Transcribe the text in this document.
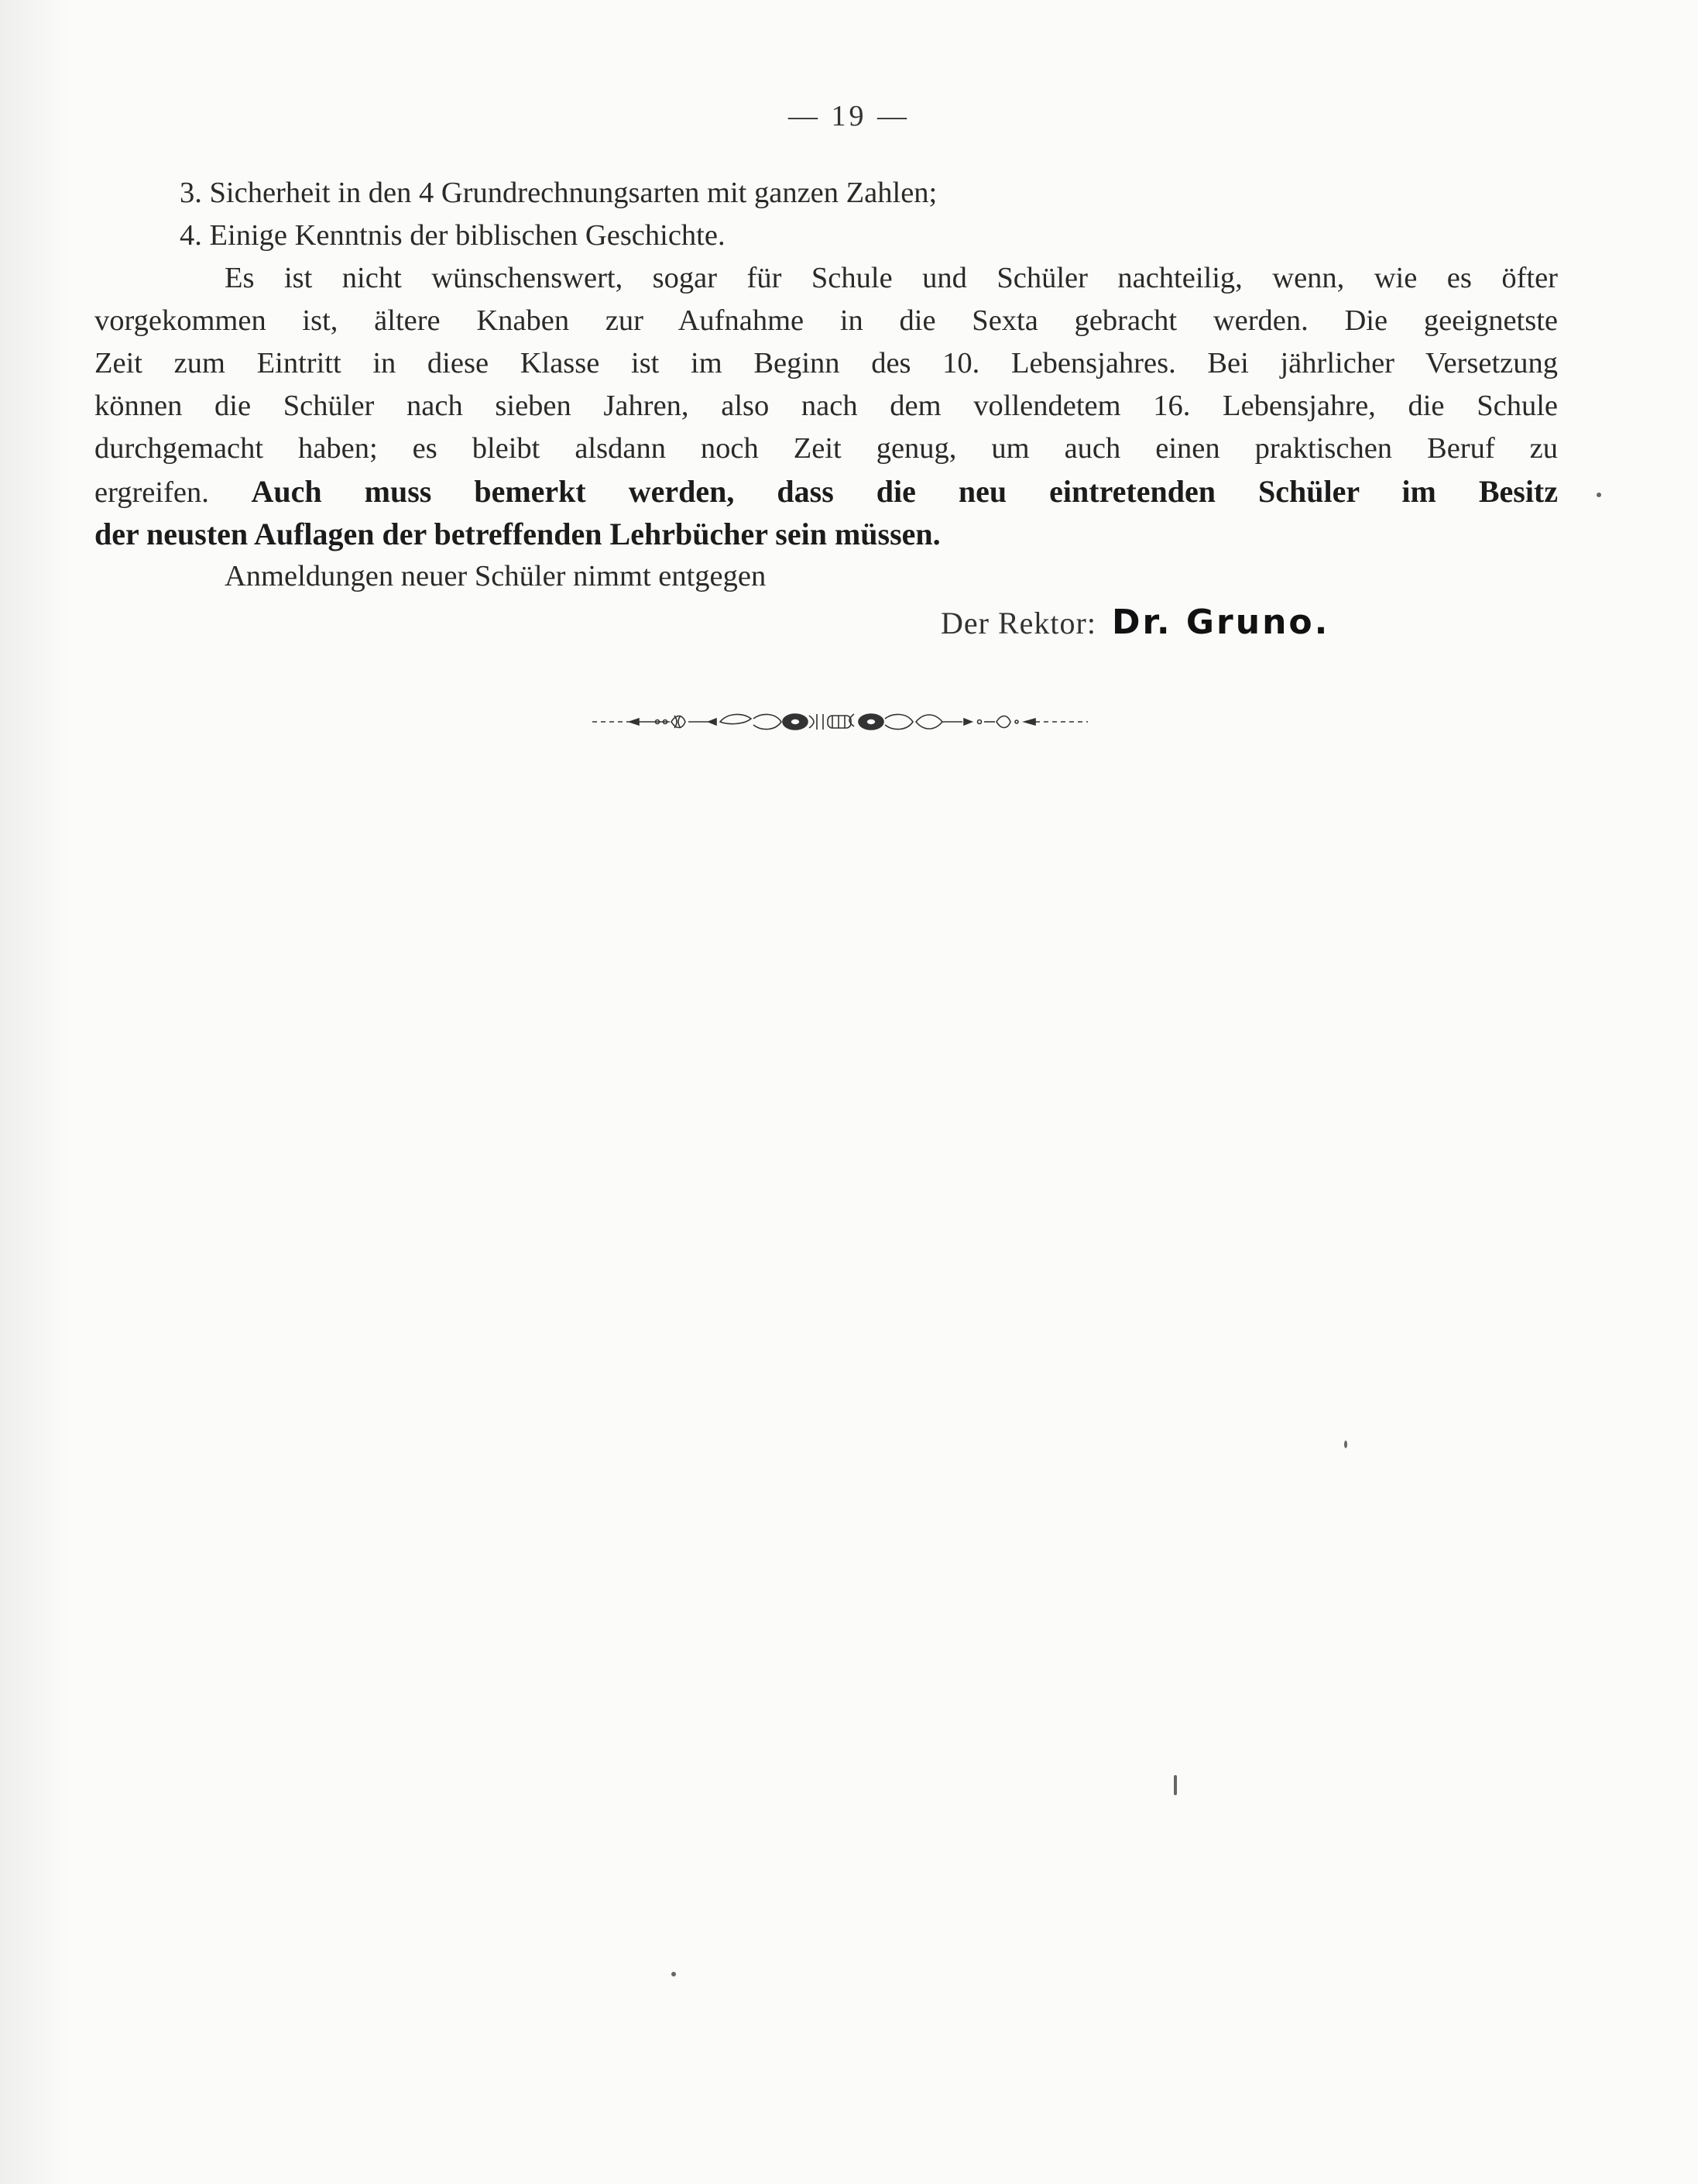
— 19 —
3. Sicherheit in den 4 Grundrechnungsarten mit ganzen Zahlen;
4. Einige Kenntnis der biblischen Geschichte.
Es ist nicht wünschenswert, sogar für Schule und Schüler nachteilig, wenn, wie es öfter
vorgekommen ist, ältere Knaben zur Aufnahme in die Sexta gebracht werden. Die geeignetste
Zeit zum Eintritt in diese Klasse ist im Beginn des 10. Lebensjahres. Bei jährlicher Versetzung
können die Schüler nach sieben Jahren, also nach dem vollendetem 16. Lebensjahre, die Schule
durchgemacht haben; es bleibt alsdann noch Zeit genug, um auch einen praktischen Beruf zu
ergreifen. Auch muss bemerkt werden, dass die neu eintretenden Schüler im Besitz
der neusten Auflagen der betreffenden Lehrbücher sein müssen.
Anmeldungen neuer Schüler nimmt entgegen
Der Rektor: Dr. Gruno.
